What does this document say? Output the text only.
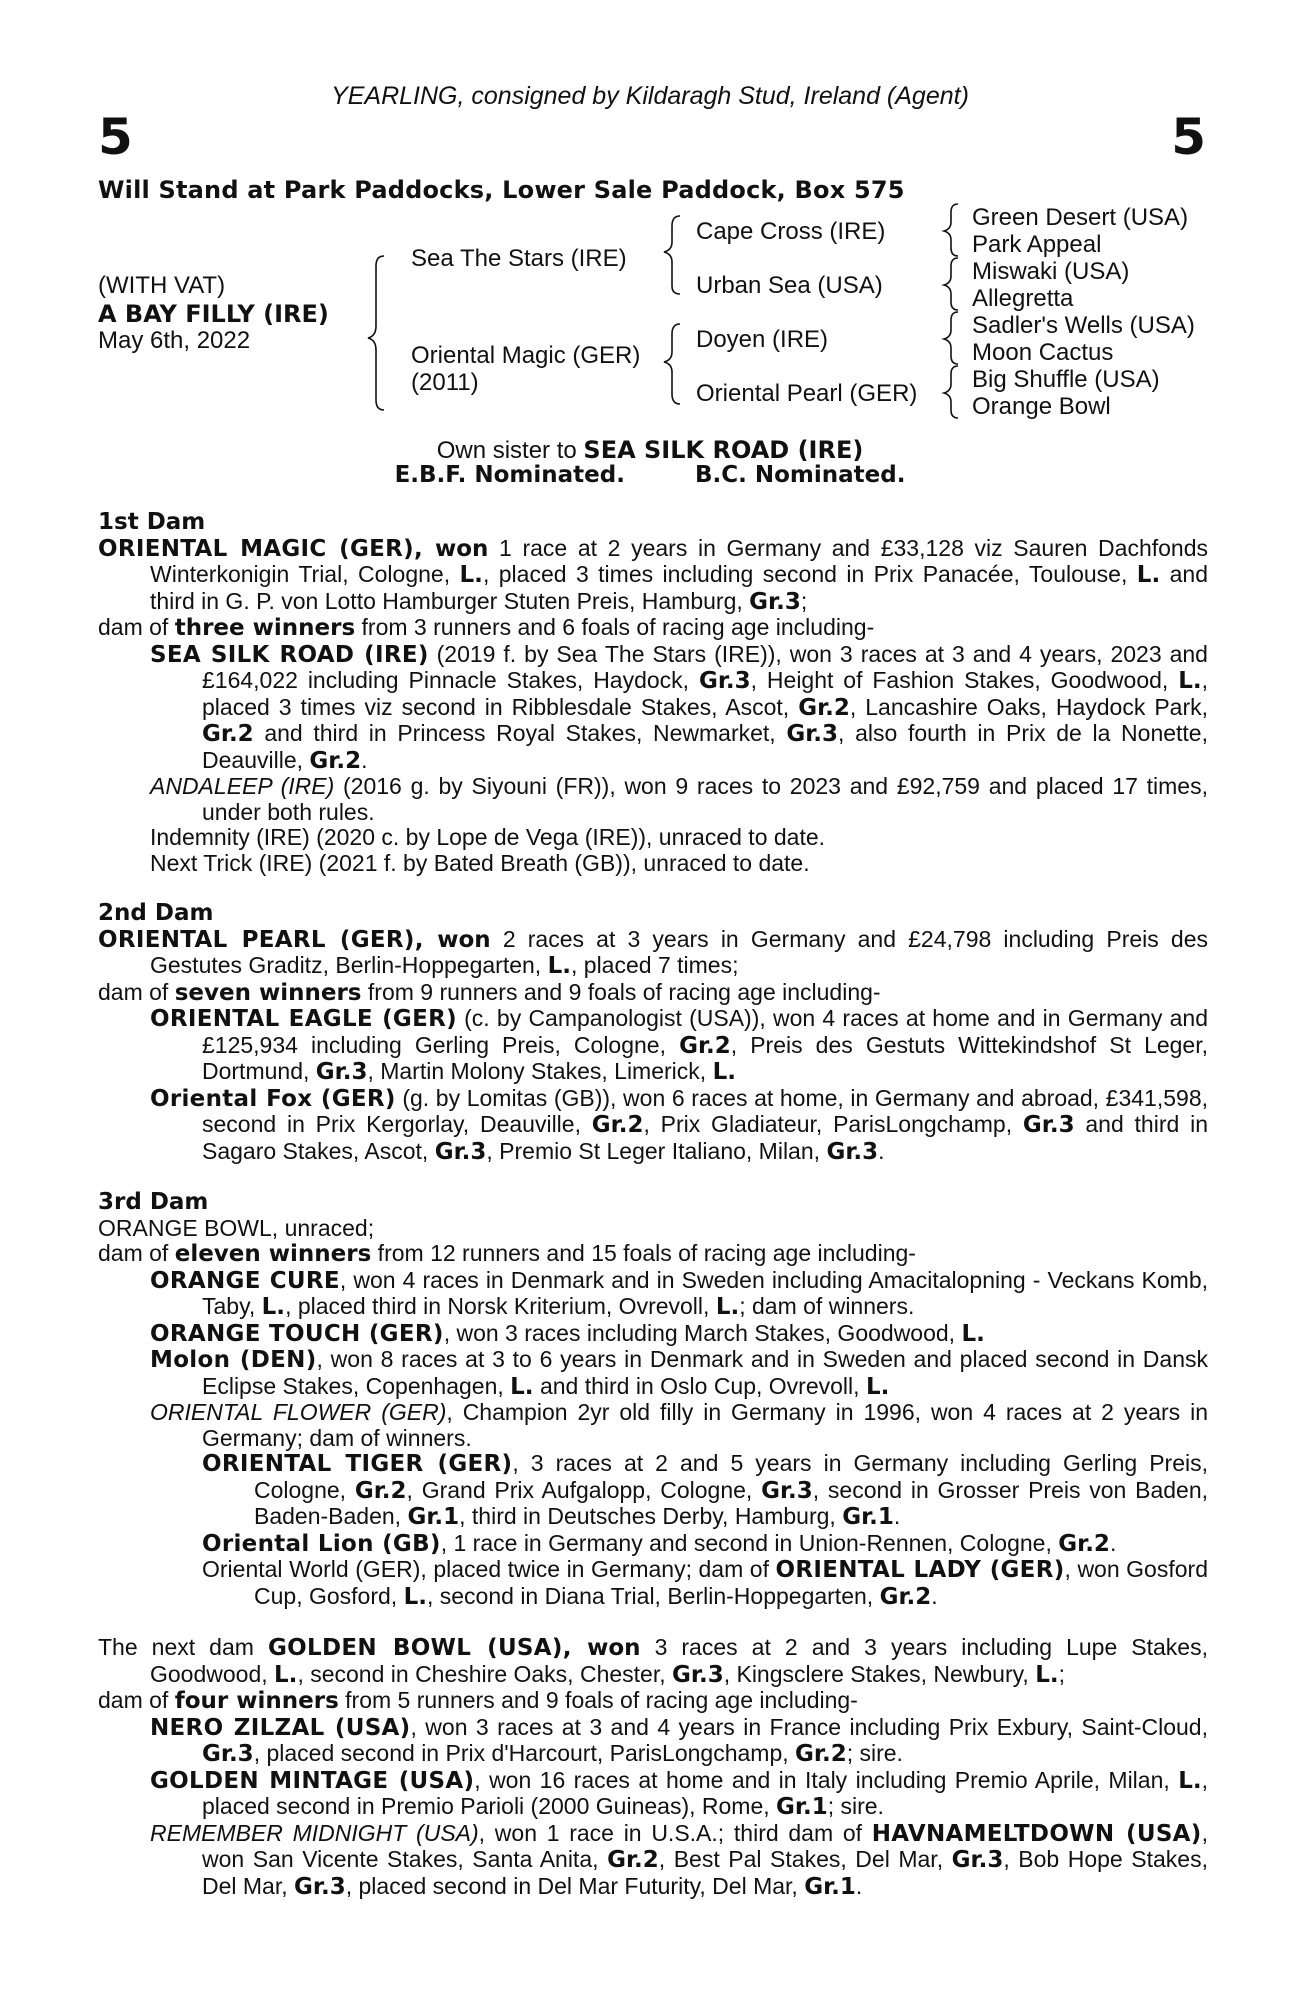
YEARLING, consigned by Kildaragh Stud, Ireland (Agent)
5	5
Will Stand at Park Paddocks, Lower Sale Paddock, Box 575
(WITH VAT)
A BAY FILLY (IRE)
May 6th, 2022
Sea The Stars (IRE)
Oriental Magic (GER)
(2011)
Cape Cross (IRE)
Urban Sea (USA)
Doyen (IRE)
Oriental Pearl (GER)
Green Desert (USA)
Park Appeal
Miswaki (USA)
Allegretta
Sadler's Wells (USA)
Moon Cactus
Big Shuffle (USA)
Orange Bowl
Own sister to SEA SILK ROAD (IRE)
E.B.F. Nominated.	B.C. Nominated.
1st Dam
ORIENTAL MAGIC (GER), won 1 race at 2 years in Germany and £33,128 viz Sauren Dachfonds Winterkonigin Trial, Cologne, L., placed 3 times including second in Prix Panacée, Toulouse, L. and third in G. P. von Lotto Hamburger Stuten Preis, Hamburg, Gr.3;
dam of three winners from 3 runners and 6 foals of racing age including-
SEA SILK ROAD (IRE) (2019 f. by Sea The Stars (IRE)), won 3 races at 3 and 4 years, 2023 and £164,022 including Pinnacle Stakes, Haydock, Gr.3, Height of Fashion Stakes, Goodwood, L., placed 3 times viz second in Ribblesdale Stakes, Ascot, Gr.2, Lancashire Oaks, Haydock Park, Gr.2 and third in Princess Royal Stakes, Newmarket, Gr.3, also fourth in Prix de la Nonette, Deauville, Gr.2.
ANDALEEP (IRE) (2016 g. by Siyouni (FR)), won 9 races to 2023 and £92,759 and placed 17 times, under both rules.
Indemnity (IRE) (2020 c. by Lope de Vega (IRE)), unraced to date.
Next Trick (IRE) (2021 f. by Bated Breath (GB)), unraced to date.
2nd Dam
ORIENTAL PEARL (GER), won 2 races at 3 years in Germany and £24,798 including Preis des Gestutes Graditz, Berlin-Hoppegarten, L., placed 7 times;
dam of seven winners from 9 runners and 9 foals of racing age including-
ORIENTAL EAGLE (GER) (c. by Campanologist (USA)), won 4 races at home and in Germany and £125,934 including Gerling Preis, Cologne, Gr.2, Preis des Gestuts Wittekindshof St Leger, Dortmund, Gr.3, Martin Molony Stakes, Limerick, L.
Oriental Fox (GER) (g. by Lomitas (GB)), won 6 races at home, in Germany and abroad, £341,598, second in Prix Kergorlay, Deauville, Gr.2, Prix Gladiateur, ParisLongchamp, Gr.3 and third in Sagaro Stakes, Ascot, Gr.3, Premio St Leger Italiano, Milan, Gr.3.
3rd Dam
ORANGE BOWL, unraced;
dam of eleven winners from 12 runners and 15 foals of racing age including-
ORANGE CURE, won 4 races in Denmark and in Sweden including Amacitalopning - Veckans Komb, Taby, L., placed third in Norsk Kriterium, Ovrevoll, L.; dam of winners.
ORANGE TOUCH (GER), won 3 races including March Stakes, Goodwood, L.
Molon (DEN), won 8 races at 3 to 6 years in Denmark and in Sweden and placed second in Dansk Eclipse Stakes, Copenhagen, L. and third in Oslo Cup, Ovrevoll, L.
ORIENTAL FLOWER (GER), Champion 2yr old filly in Germany in 1996, won 4 races at 2 years in Germany; dam of winners.
ORIENTAL TIGER (GER), 3 races at 2 and 5 years in Germany including Gerling Preis, Cologne, Gr.2, Grand Prix Aufgalopp, Cologne, Gr.3, second in Grosser Preis von Baden, Baden-Baden, Gr.1, third in Deutsches Derby, Hamburg, Gr.1.
Oriental Lion (GB), 1 race in Germany and second in Union-Rennen, Cologne, Gr.2.
Oriental World (GER), placed twice in Germany; dam of ORIENTAL LADY (GER), won Gosford Cup, Gosford, L., second in Diana Trial, Berlin-Hoppegarten, Gr.2.
The next dam GOLDEN BOWL (USA), won 3 races at 2 and 3 years including Lupe Stakes, Goodwood, L., second in Cheshire Oaks, Chester, Gr.3, Kingsclere Stakes, Newbury, L.;
dam of four winners from 5 runners and 9 foals of racing age including-
NERO ZILZAL (USA), won 3 races at 3 and 4 years in France including Prix Exbury, Saint-Cloud, Gr.3, placed second in Prix d'Harcourt, ParisLongchamp, Gr.2; sire.
GOLDEN MINTAGE (USA), won 16 races at home and in Italy including Premio Aprile, Milan, L., placed second in Premio Parioli (2000 Guineas), Rome, Gr.1; sire.
REMEMBER MIDNIGHT (USA), won 1 race in U.S.A.; third dam of HAVNAMELTDOWN (USA), won San Vicente Stakes, Santa Anita, Gr.2, Best Pal Stakes, Del Mar, Gr.3, Bob Hope Stakes, Del Mar, Gr.3, placed second in Del Mar Futurity, Del Mar, Gr.1.
